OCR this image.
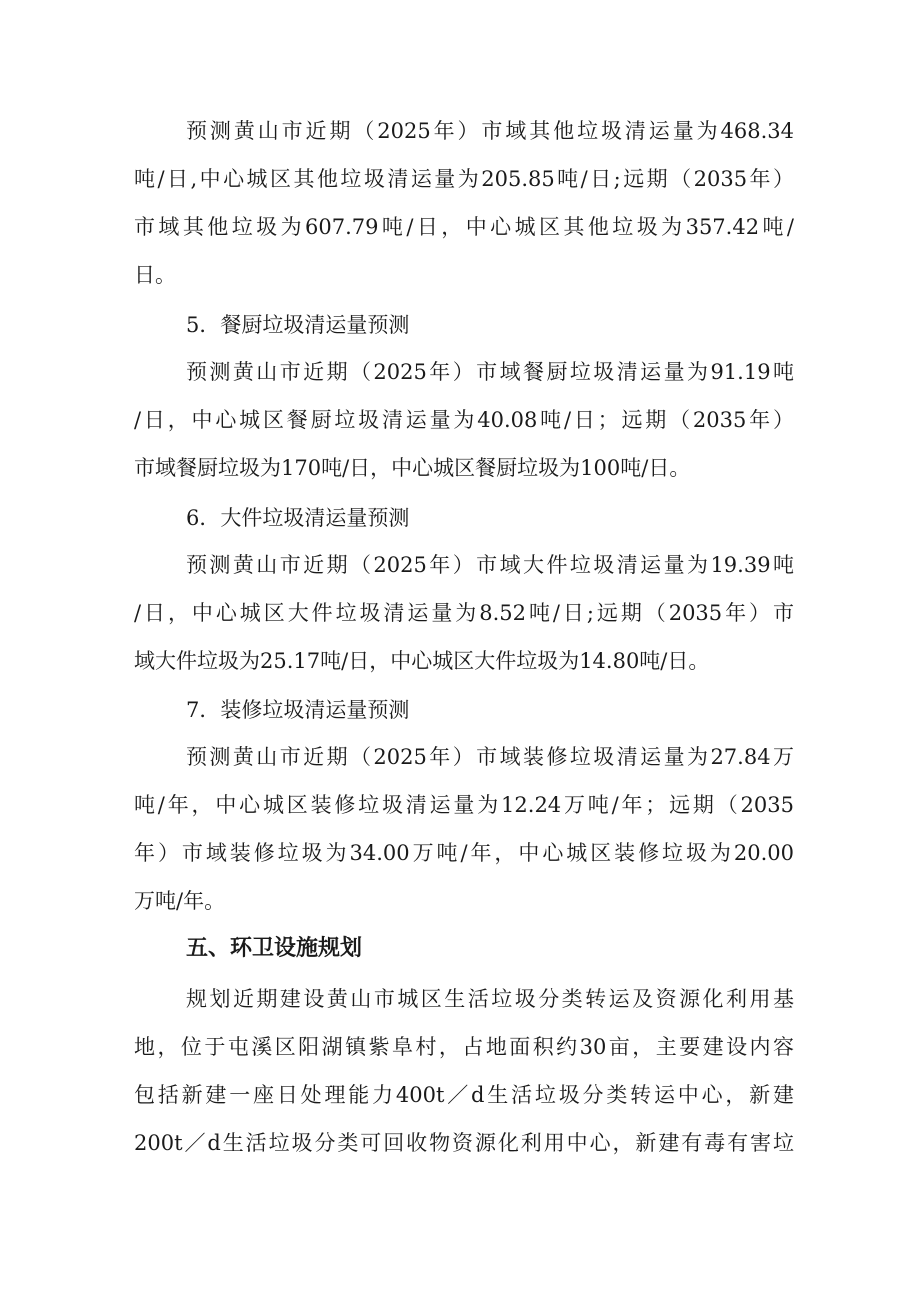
预测黄山市近期（2025年）市域其他垃圾清运量为468.34
吨/日,中心城区其他垃圾清运量为205.85吨/日;远期（2035年）
市域其他垃圾为607.79吨/日，中心城区其他垃圾为357.42吨/
日。
5．餐厨垃圾清运量预测
预测黄山市近期（2025年）市域餐厨垃圾清运量为91.19吨
/日，中心城区餐厨垃圾清运量为40.08吨/日；远期（2035年）
市域餐厨垃圾为170吨/日，中心城区餐厨垃圾为100吨/日。
6．大件垃圾清运量预测
预测黄山市近期（2025年）市域大件垃圾清运量为19.39吨
/日，中心城区大件垃圾清运量为8.52吨/日;远期（2035年）市
域大件垃圾为25.17吨/日，中心城区大件垃圾为14.80吨/日。
7．装修垃圾清运量预测
预测黄山市近期（2025年）市域装修垃圾清运量为27.84万
吨/年，中心城区装修垃圾清运量为12.24万吨/年；远期（2035
年）市域装修垃圾为34.00万吨/年，中心城区装修垃圾为20.00
万吨/年。
五、环卫设施规划
规划近期建设黄山市城区生活垃圾分类转运及资源化利用基
地，位于屯溪区阳湖镇紫阜村，占地面积约30亩，主要建设内容
包括新建一座日处理能力400t／d生活垃圾分类转运中心，新建
200t／d生活垃圾分类可回收物资源化利用中心，新建有毒有害垃
